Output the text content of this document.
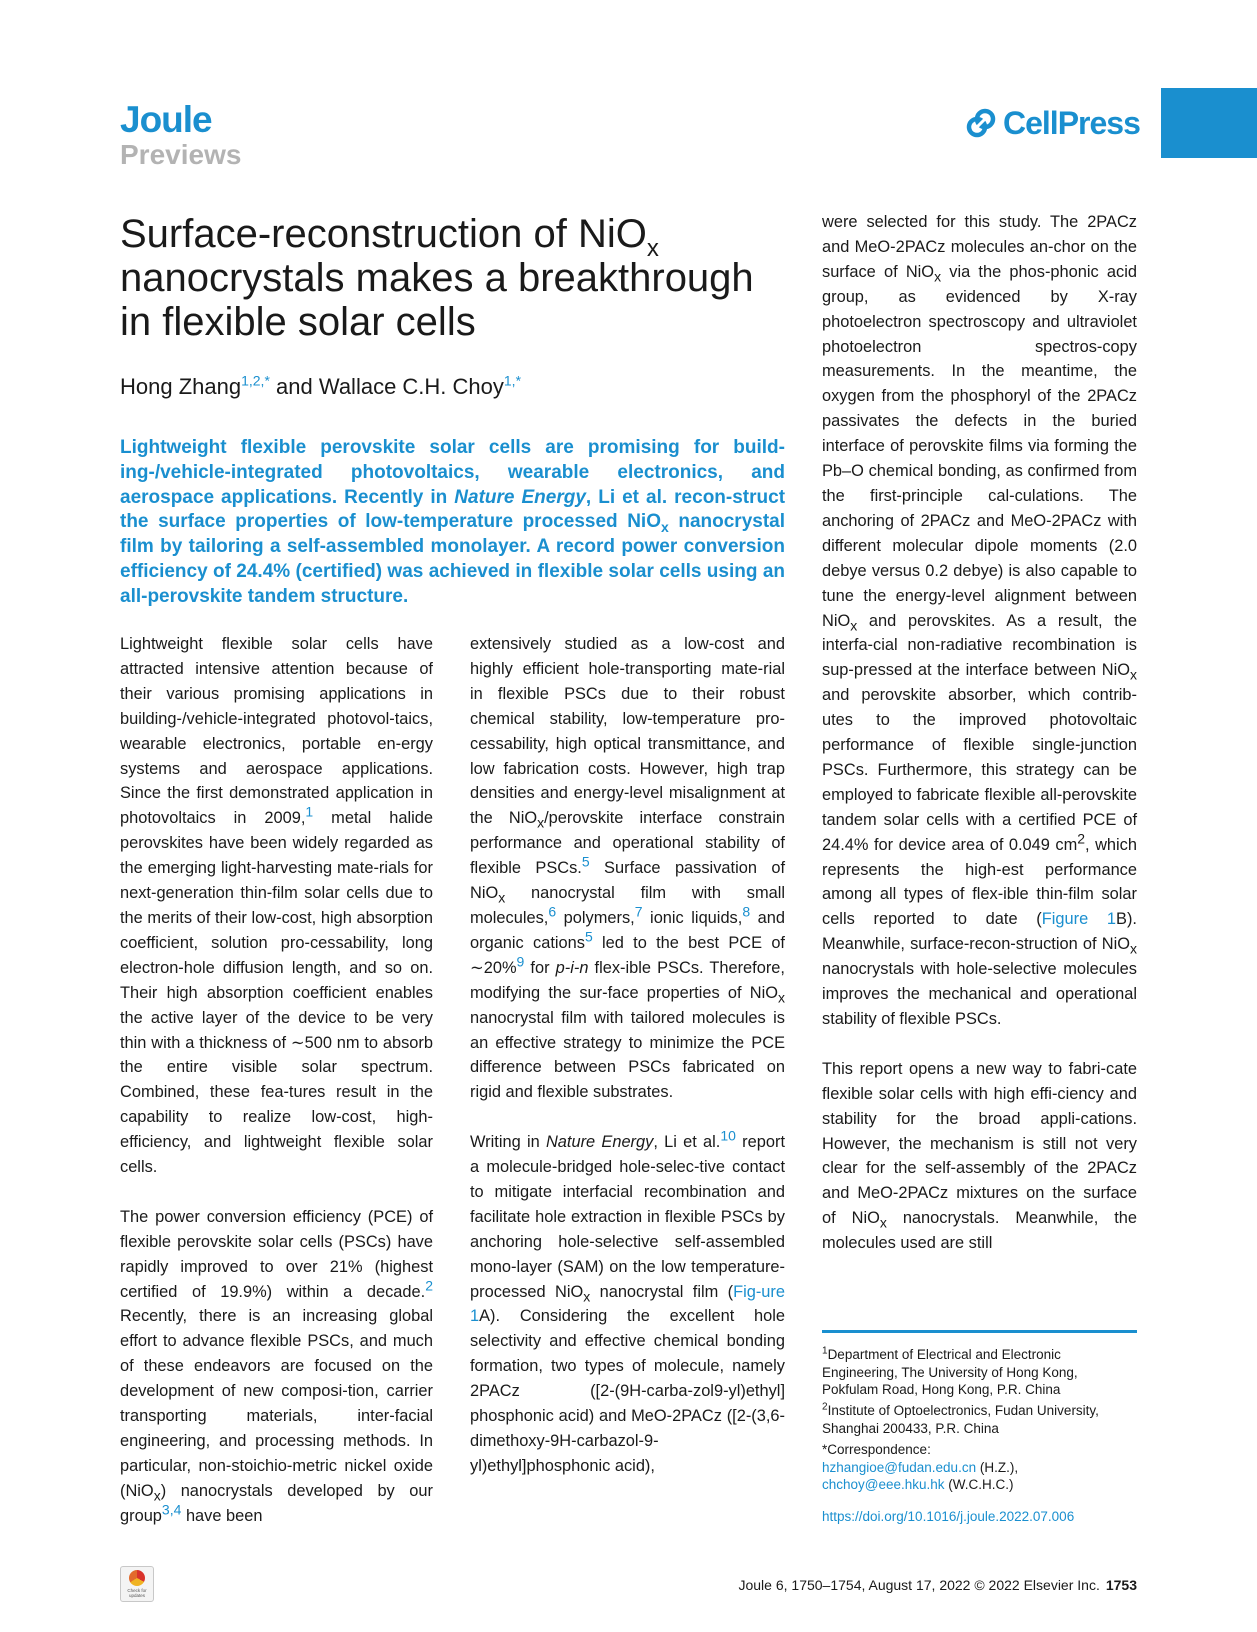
Joule
Previews
CellPress
Surface-reconstruction of NiO$_x$ nanocrystals makes a breakthrough in flexible solar cells
Hong Zhang$^{1,2,*}$ and Wallace C.H. Choy$^{1,*}$
Lightweight flexible perovskite solar cells are promising for build-ing-/vehicle-integrated photovoltaics, wearable electronics, and aerospace applications. Recently in Nature Energy, Li et al. recon-struct the surface properties of low-temperature processed NiO$_x$ nanocrystal film by tailoring a self-assembled monolayer. A record power conversion efficiency of 24.4% (certified) was achieved in flexible solar cells using an all-perovskite tandem structure.

Lightweight flexible solar cells have attracted intensive attention because of their various promising applications in building-/vehicle-integrated photovol-taics, wearable electronics, portable en-ergy systems and aerospace applications. Since the first demonstrated application in photovoltaics in 2009,1 metal halide perovskites have been widely regarded as the emerging light-harvesting mate-rials for next-generation thin-film solar cells due to the merits of their low-cost, high absorption coefficient, solution pro-cessability, long electron-hole diffusion length, and so on. Their high absorption coefficient enables the active layer of the device to be very thin with a thickness of ∼500 nm to absorb the entire visible solar spectrum. Combined, these fea-tures result in the capability to realize low-cost, high-efficiency, and lightweight flexible solar cells.

The power conversion efficiency (PCE) of flexible perovskite solar cells (PSCs) have rapidly improved to over 21% (highest certified of 19.9%) within a decade.2 Recently, there is an increasing global effort to advance flexible PSCs, and much of these endeavors are focused on the development of new composi-tion, carrier transporting materials, inter-facial engineering, and processing methods. In particular, non-stoichio-metric nickel oxide (NiOx) nanocrystals developed by our group3,4 have been

extensively studied as a low-cost and highly efficient hole-transporting mate-rial in flexible PSCs due to their robust chemical stability, low-temperature pro-cessability, high optical transmittance, and low fabrication costs. However, high trap densities and energy-level misalignment at the NiOx/perovskite interface constrain performance and operational stability of flexible PSCs.5 Surface passivation of NiOx nanocrystal film with small molecules,6 polymers,7 ionic liquids,8 and organic cations5 led to the best PCE of ∼20%9 for p-i-n flex-ible PSCs. Therefore, modifying the sur-face properties of NiOx nanocrystal film with tailored molecules is an effective strategy to minimize the PCE difference between PSCs fabricated on rigid and flexible substrates.

Writing in Nature Energy, Li et al.10 report a molecule-bridged hole-selec-tive contact to mitigate interfacial recombination and facilitate hole extraction in flexible PSCs by anchoring hole-selective self-assembled mono-layer (SAM) on the low temperature-processed NiOx nanocrystal film (Fig-ure 1A). Considering the excellent hole selectivity and effective chemical bonding formation, two types of molecule, namely 2PACz ([2-(9H-carba-zol9-yl)ethyl] phosphonic acid) and MeO-2PACz ([2-(3,6-dimethoxy-9H-carbazol-9-yl)ethyl]phosphonic acid),

were selected for this study. The 2PACz and MeO-2PACz molecules an-chor on the surface of NiOx via the phos-phonic acid group, as evidenced by X-ray photoelectron spectroscopy and ultraviolet photoelectron spectros-copy measurements. In the meantime, the oxygen from the phosphoryl of the 2PACz passivates the defects in the buried interface of perovskite films via forming the Pb–O chemical bonding, as confirmed from the first-principle cal-culations. The anchoring of 2PACz and MeO-2PACz with different molecular dipole moments (2.0 debye versus 0.2 debye) is also capable to tune the energy-level alignment between NiOx and perovskites. As a result, the interfa-cial non-radiative recombination is sup-pressed at the interface between NiOx and perovskite absorber, which contrib-utes to the improved photovoltaic performance of flexible single-junction PSCs. Furthermore, this strategy can be employed to fabricate flexible all-perovskite tandem solar cells with a certified PCE of 24.4% for device area of 0.049 cm2, which represents the high-est performance among all types of flex-ible thin-film solar cells reported to date (Figure 1B). Meanwhile, surface-recon-struction of NiOx nanocrystals with hole-selective molecules improves the mechanical and operational stability of flexible PSCs.

This report opens a new way to fabri-cate flexible solar cells with high effi-ciency and stability for the broad appli-cations. However, the mechanism is still not very clear for the self-assembly of the 2PACz and MeO-2PACz mixtures on the surface of NiOx nanocrystals. Meanwhile, the molecules used are still

$^1$Department of Electrical and Electronic Engineering, The University of Hong Kong, Pokfulam Road, Hong Kong, P.R. China

$^2$Institute of Optoelectronics, Fudan University, Shanghai 200433, P.R. China

*Correspondence:

hzhangioe@fudan.edu.cn (H.Z.),

chchoy@eee.hku.hk (W.C.H.C.)

https://doi.org/10.1016/j.joule.2022.07.006

Check for updates
Joule 6, 1750–1754, August 17, 2022 © 2022 Elsevier Inc. 1753
